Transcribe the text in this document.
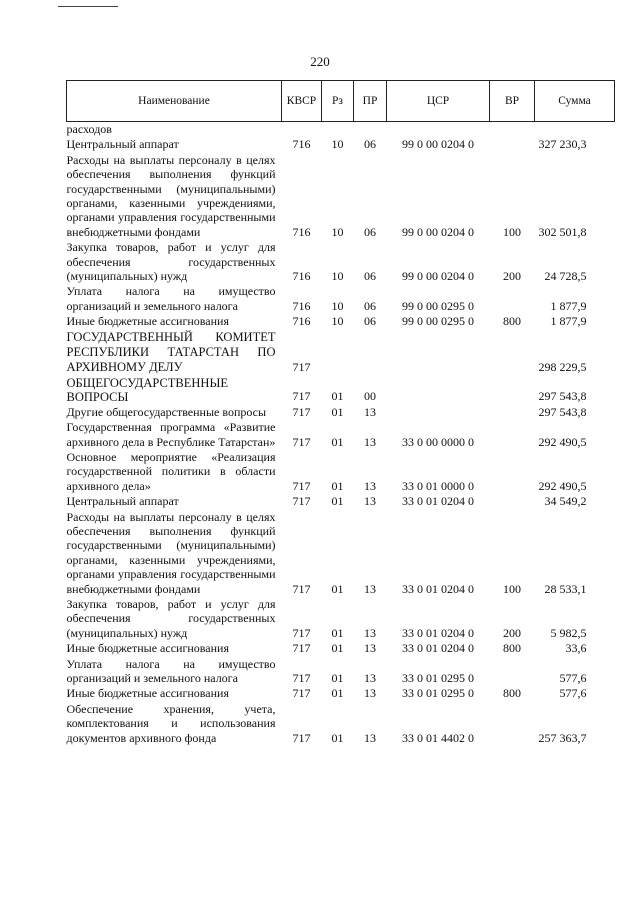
220
Наименование	КВСР	Рз	ПР	ЦСР	ВР	Сумма
расходов						
Центральный аппарат	716	10	06	99 0 00 0204 0		327 230,3
Расходы на выплаты персоналу в целях обеспечения выполнения функций государственными (муниципальными) органами, казенными учреждениями, органами управления государственными внебюджетными фондами	716	10	06	99 0 00 0204 0	100	302 501,8
Закупка товаров, работ и услуг для обеспечения государственных (муниципальных) нужд	716	10	06	99 0 00 0204 0	200	24 728,5
Уплата налога на имущество организаций и земельного налога	716	10	06	99 0 00 0295 0		1 877,9
Иные бюджетные ассигнования	716	10	06	99 0 00 0295 0	800	1 877,9
ГОСУДАРСТВЕННЫЙ КОМИТЕТ РЕСПУБЛИКИ ТАТАРСТАН ПО АРХИВНОМУ ДЕЛУ	717					298 229,5
ОБЩЕГОСУДАРСТВЕННЫЕ ВОПРОСЫ	717	01	00			297 543,8
Другие общегосударственные вопросы	717	01	13			297 543,8
Государственная программа «Развитие архивного дела в Республике Татарстан»	717	01	13	33 0 00 0000 0		292 490,5
Основное мероприятие «Реализация государственной политики в области архивного дела»	717	01	13	33 0 01 0000 0		292 490,5
Центральный аппарат	717	01	13	33 0 01 0204 0		34 549,2
Расходы на выплаты персоналу в целях обеспечения выполнения функций государственными (муниципальными) органами, казенными учреждениями, органами управления государственными внебюджетными фондами	717	01	13	33 0 01 0204 0	100	28 533,1
Закупка товаров, работ и услуг для обеспечения государственных (муниципальных) нужд	717	01	13	33 0 01 0204 0	200	5 982,5
Иные бюджетные ассигнования	717	01	13	33 0 01 0204 0	800	33,6
Уплата налога на имущество организаций и земельного налога	717	01	13	33 0 01 0295 0		577,6
Иные бюджетные ассигнования	717	01	13	33 0 01 0295 0	800	577,6
Обеспечение хранения, учета, комплектования и использования документов архивного фонда	717	01	13	33 0 01 4402 0		257 363,7
